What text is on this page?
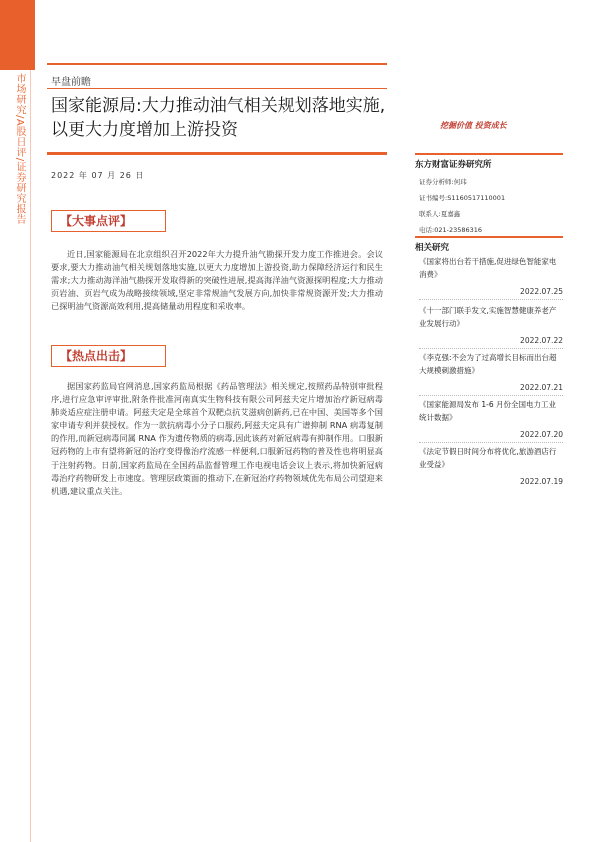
市场研究/A股日评/证券研究报告	早盘前瞻
国家能源局:大力推动油气相关规划落地实施,以更大力度增加上游投资
2022 年 07 月 26 日
【大事点评】
近日,国家能源局在北京组织召开2022年大力提升油气勘探开发力度工作推进会。会议要求,要大力推动油气相关规划落地实施,以更大力度增加上游投资,助力保障经济运行和民生需求;大力推动海洋油气勘探开发取得新的突破性进展,提高海洋油气资源探明程度;大力推动页岩油、页岩气成为战略接续领域,坚定非常规油气发展方向,加快非常规资源开发;大力推动已探明油气资源高效利用,提高储量动用程度和采收率。
【热点出击】
据国家药监局官网消息,国家药监局根据《药品管理法》相关规定,按照药品特别审批程序,进行应急审评审批,附条件批准河南真实生物科技有限公司阿兹夫定片增加治疗新冠病毒肺炎适应症注册申请。阿兹夫定是全球首个双靶点抗艾滋病创新药,已在中国、美国等多个国家申请专利并获授权。作为一款抗病毒小分子口服药,阿兹夫定具有广谱抑制 RNA 病毒复制的作用,而新冠病毒同属 RNA 作为遗传物质的病毒,因此该药对新冠病毒有抑制作用。口服新冠药物的上市有望将新冠的治疗变得像治疗流感一样便利,口服新冠药物的普及性也将明显高于注射药物。日前,国家药监局在全国药品监督管理工作电视电话会议上表示,将加快新冠病毒治疗药物研发上市速度。管理层政策面的推动下,在新冠治疗药物领域优先布局公司望迎来机遇,建议重点关注。
挖掘价值 投资成长
东方财富证券研究所
证券分析师:何玮
证书编号:S1160517110001
联系人:夏嘉鑫
电话:021-23586316
相关研究
《国家将出台若干措施,促进绿色智能家电消费》
2022.07.25
《十一部门联手发文,实施智慧健康养老产业发展行动》
2022.07.22
《李克强:不会为了过高增长目标而出台超大规模刺激措施》
2022.07.21
《国家能源局发布 1-6 月份全国电力工业统计数据》
2022.07.20
《法定节假日时间分布将优化,旅游酒店行业受益》
2022.07.19
